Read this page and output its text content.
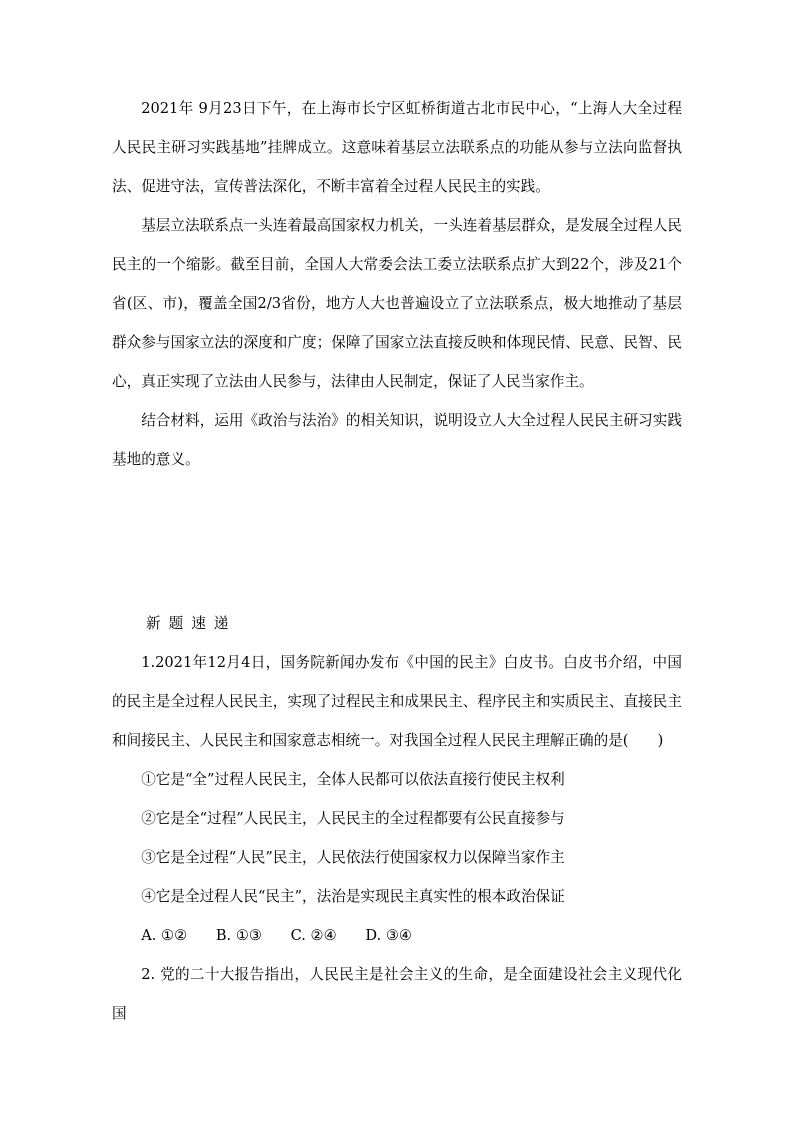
2021年 9月23日下午，在上海市长宁区虹桥街道古北市民中心，“上海人大全过程人民民主研习实践基地”挂牌成立。这意味着基层立法联系点的功能从参与立法向监督执法、促进守法，宣传普法深化，不断丰富着全过程人民民主的实践。

基层立法联系点一头连着最高国家权力机关，一头连着基层群众，是发展全过程人民民主的一个缩影。截至目前，全国人大常委会法工委立法联系点扩大到22个，涉及21个省(区、市)，覆盖全国2/3省份，地方人大也普遍设立了立法联系点，极大地推动了基层群众参与国家立法的深度和广度；保障了国家立法直接反映和体现民情、民意、民智、民心，真正实现了立法由人民参与，法律由人民制定，保证了人民当家作主。

结合材料，运用《政治与法治》的相关知识，说明设立人大全过程人民民主研习实践基地的意义。

新题速递

1.2021年12月4日，国务院新闻办发布《中国的民主》白皮书。白皮书介绍，中国的民主是全过程人民民主，实现了过程民主和成果民主、程序民主和实质民主、直接民主和间接民主、人民民主和国家意志相统一。对我国全过程人民民主理解正确的是(　　)

①它是“全”过程人民民主，全体人民都可以依法直接行使民主权利

②它是全“过程”人民民主，人民民主的全过程都要有公民直接参与

③它是全过程“人民”民主，人民依法行使国家权力以保障当家作主

④它是全过程人民“民主”，法治是实现民主真实性的根本政治保证

A. ①② B. ①③ C. ②④ D. ③④

2. 党的二十大报告指出，人民民主是社会主义的生命，是全面建设社会主义现代化国
